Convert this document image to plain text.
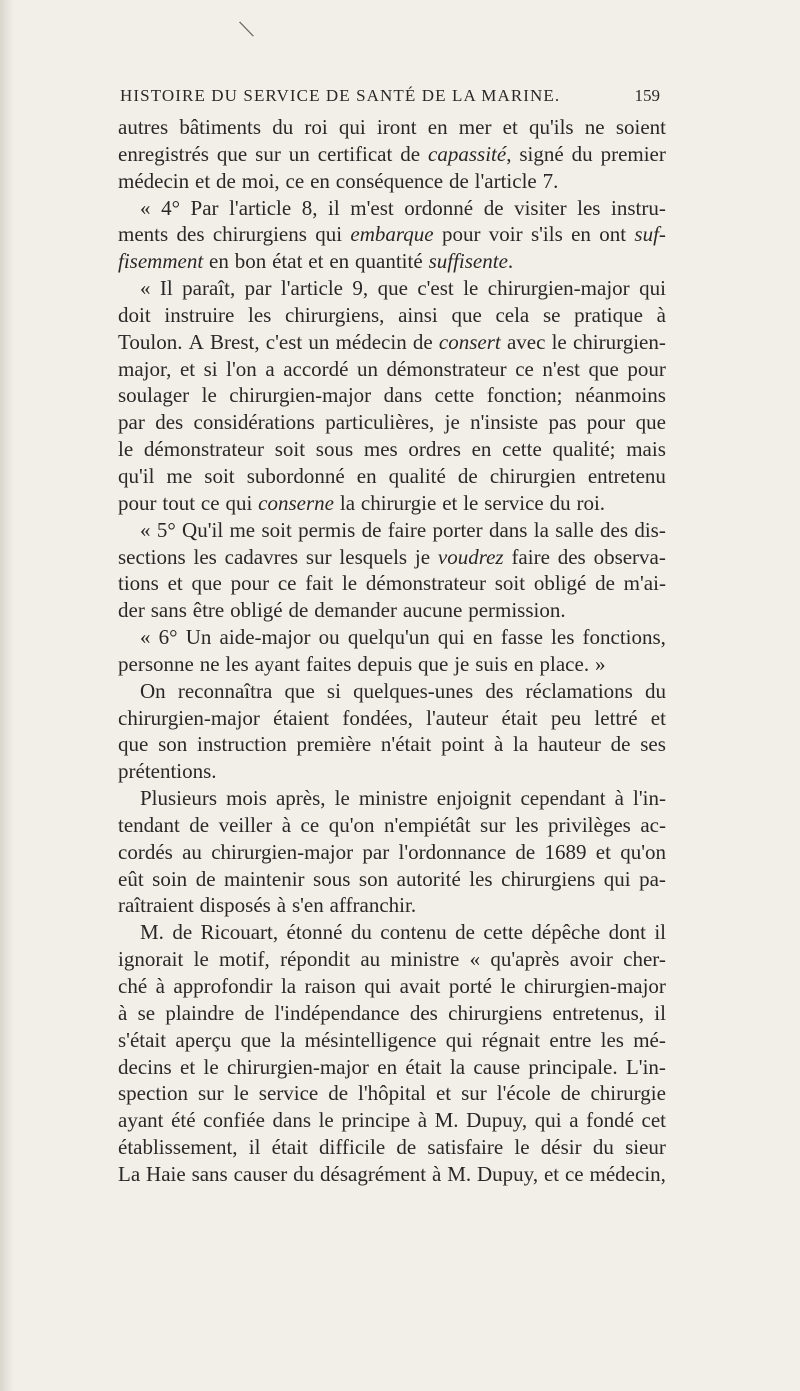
\
HISTOIRE DU SERVICE DE SANTÉ DE LA MARINE.	159
autres bâtiments du roi qui iront en mer et qu'ils ne soient
enregistrés que sur un certificat de capassité, signé du premier
médecin et de moi, ce en conséquence de l'article 7.
« 4° Par l'article 8, il m'est ordonné de visiter les instru-
ments des chirurgiens qui embarque pour voir s'ils en ont suf-
fisemment en bon état et en quantité suffisente.
« Il paraît, par l'article 9, que c'est le chirurgien-major qui
doit instruire les chirurgiens, ainsi que cela se pratique à
Toulon. A Brest, c'est un médecin de consert avec le chirurgien-
major, et si l'on a accordé un démonstrateur ce n'est que pour
soulager le chirurgien-major dans cette fonction; néanmoins
par des considérations particulières, je n'insiste pas pour que
le démonstrateur soit sous mes ordres en cette qualité; mais
qu'il me soit subordonné en qualité de chirurgien entretenu
pour tout ce qui conserne la chirurgie et le service du roi.
« 5° Qu'il me soit permis de faire porter dans la salle des dis-
sections les cadavres sur lesquels je voudrez faire des observa-
tions et que pour ce fait le démonstrateur soit obligé de m'ai-
der sans être obligé de demander aucune permission.
« 6° Un aide-major ou quelqu'un qui en fasse les fonctions,
personne ne les ayant faites depuis que je suis en place. »
On reconnaîtra que si quelques-unes des réclamations du
chirurgien-major étaient fondées, l'auteur était peu lettré et
que son instruction première n'était point à la hauteur de ses
prétentions.
Plusieurs mois après, le ministre enjoignit cependant à l'in-
tendant de veiller à ce qu'on n'empiétât sur les privilèges ac-
cordés au chirurgien-major par l'ordonnance de 1689 et qu'on
eût soin de maintenir sous son autorité les chirurgiens qui pa-
raîtraient disposés à s'en affranchir.
M. de Ricouart, étonné du contenu de cette dépêche dont il
ignorait le motif, répondit au ministre « qu'après avoir cher-
ché à approfondir la raison qui avait porté le chirurgien-major
à se plaindre de l'indépendance des chirurgiens entretenus, il
s'était aperçu que la mésintelligence qui régnait entre les mé-
decins et le chirurgien-major en était la cause principale. L'in-
spection sur le service de l'hôpital et sur l'école de chirurgie
ayant été confiée dans le principe à M. Dupuy, qui a fondé cet
établissement, il était difficile de satisfaire le désir du sieur
La Haie sans causer du désagrément à M. Dupuy, et ce médecin,
